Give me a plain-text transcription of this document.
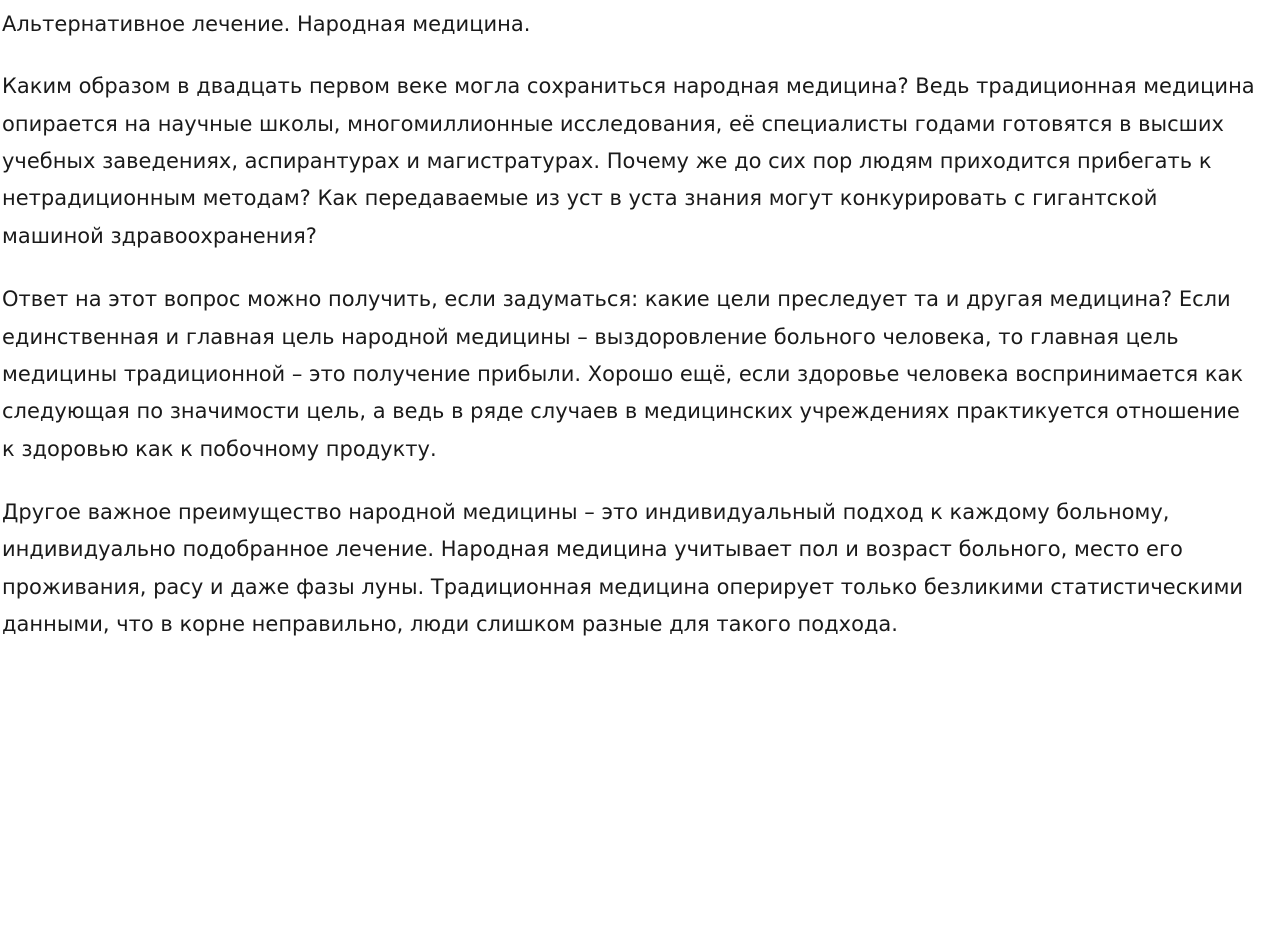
Альтернативное лечение. Народная медицина.

Каким образом в двадцать первом веке могла сохраниться народная медицина? Ведь традиционная медицина опирается на научные школы, многомиллионные исследования, её специалисты годами готовятся в высших учебных заведениях, аспирантурах и магистратурах. Почему же до сих пор людям приходится прибегать к нетрадиционным методам? Как передаваемые из уст в уста знания могут конкурировать с гигантской машиной здравоохранения?

Ответ на этот вопрос можно получить, если задуматься: какие цели преследует та и другая медицина? Если единственная и главная цель народной медицины – выздоровление больного человека, то главная цель медицины традиционной – это получение прибыли. Хорошо ещё, если здоровье человека воспринимается как следующая по значимости цель, а ведь в ряде случаев в медицинских учреждениях практикуется отношение к здоровью как к побочному продукту.

Другое важное преимущество народной медицины – это индивидуальный подход к каждому больному, индивидуально подобранное лечение. Народная медицина учитывает пол и возраст больного, место его проживания, расу и даже фазы луны. Традиционная медицина оперирует только безликими статистическими данными, что в корне неправильно, люди слишком разные для такого подхода.
